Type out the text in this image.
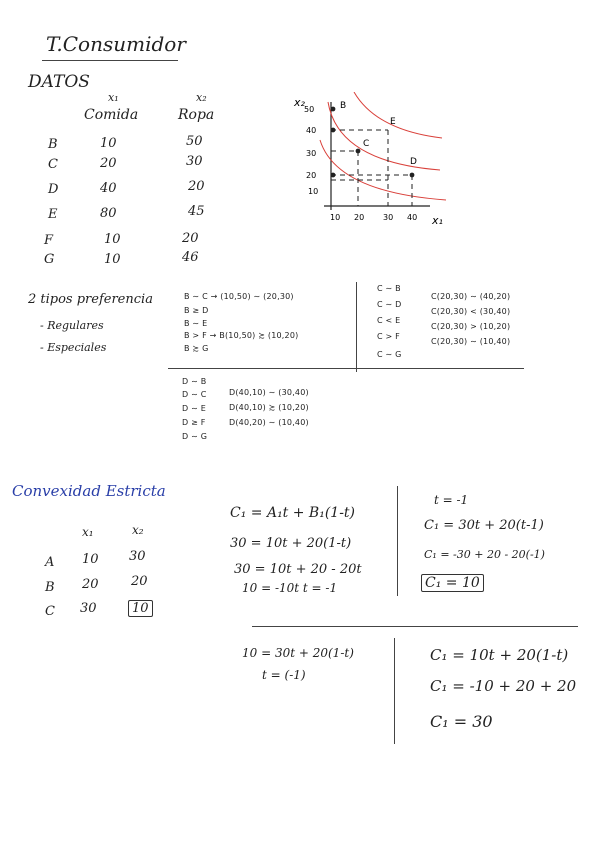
T.Consumidor
DATOS
x₁	x₂
Comida	Ropa
B	10	50
C	20	30
D	40	20
E	80	45
F	10	20
G	10	46
x₂
x₁
50
40
30
20
10
10 20 30 40
B
E
C
D
2 tipos preferencia
- Regulares
- Especiales
B ∼ C → (10,50) ∼ (20,30)
B ≥ D
B ∼ E
B > F → B(10,50) ≿ (10,20)
B ≿ G
C ∼ B
C ∼ D
C < E
C > F
C ∼ G
C(20,30) ∼ (40,20)
C(20,30) < (30,40)
C(20,30) > (10,20)
C(20,30) ∼ (10,40)
D ∼ B
D ∼ C
D ∼ E
D ≥ F
D ∼ G
D(40,10) ∼ (30,40)
D(40,10) ≿ (10,20)
D(40,20) ∼ (10,40)
Convexidad Estricta
x₁	x₂
A 10 30
B 20 20
C 30	10
C₁ = A₁t + B₁(1-t)
30 = 10t + 20(1-t)
30 = 10t + 20 - 20t
10 = -10t t = -1
t = -1
C₁ = 30t + 20(t-1)
C₁ = -30 + 20 - 20(-1)
C₁ = 10
10 = 30t + 20(1-t)
t = (-1)
C₁ = 10t + 20(1-t)
C₁ = -10 + 20 + 20
C₁ = 30
